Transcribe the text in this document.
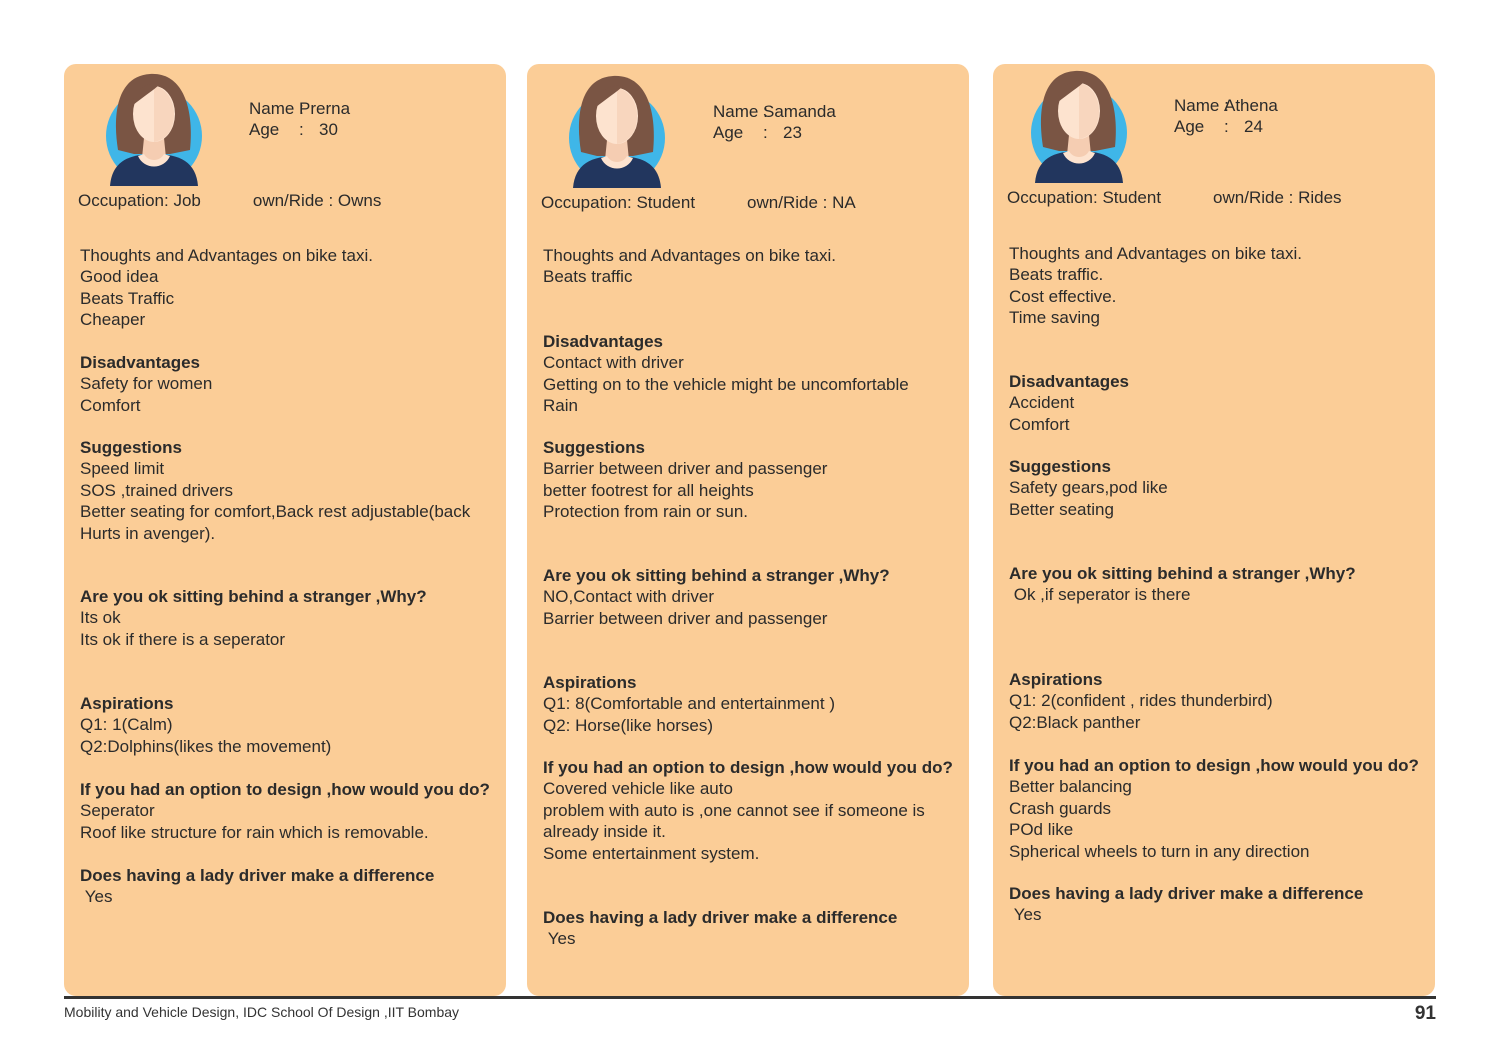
Name :
Prerna
Age	: 30
Occupation: Job	own/Ride : Owns
Thoughts and Advantages on bike taxi.
Good idea
Beats Traffic
Cheaper
Disadvantages
Safety for women
Comfort
Suggestions
Speed limit
SOS ,trained drivers
Better seating for comfort,Back rest adjustable(back Hurts in avenger).
Are you ok sitting behind a stranger ,Why?
Its ok
Its ok if there is a seperator
Aspirations
Q1: 1(Calm)
Q2:Dolphins(likes the movement)
If you had an option to design ,how would you do?
Seperator
Roof like structure for rain which is removable.
Does having a lady driver make a difference
Yes
Name :
Samanda
Age	: 23
Occupation: Student	own/Ride : NA
Thoughts and Advantages on bike taxi.
Beats traffic
Disadvantages
Contact with driver
Getting on to the vehicle might be uncomfortable
Rain
Suggestions
Barrier between driver and passenger
better footrest for all heights
Protection from rain or sun.
Are you ok sitting behind a stranger ,Why?
NO,Contact with driver
Barrier between driver and passenger
Aspirations
Q1: 8(Comfortable and entertainment )
Q2: Horse(like horses)
If you had an option to design ,how would you do?
Covered vehicle like auto
problem with auto is ,one cannot see if someone is already inside it.
Some entertainment system.
Does having a lady driver make a difference
Yes
Name :
Athena
Age	: 24
Occupation: Student	own/Ride : Rides
Thoughts and Advantages on bike taxi.
Beats traffic.
Cost effective.
Time saving
Disadvantages
Accident
Comfort
Suggestions
Safety gears,pod like
Better seating
Are you ok sitting behind a stranger ,Why?
Ok ,if seperator is there
Aspirations
Q1: 2(confident , rides thunderbird)
Q2:Black panther
If you had an option to design ,how would you do?
Better balancing
Crash guards
POd like
Spherical wheels to turn in any direction
Does having a lady driver make a difference
Yes
Mobility and Vehicle Design, IDC School Of Design ,IIT Bombay	91
